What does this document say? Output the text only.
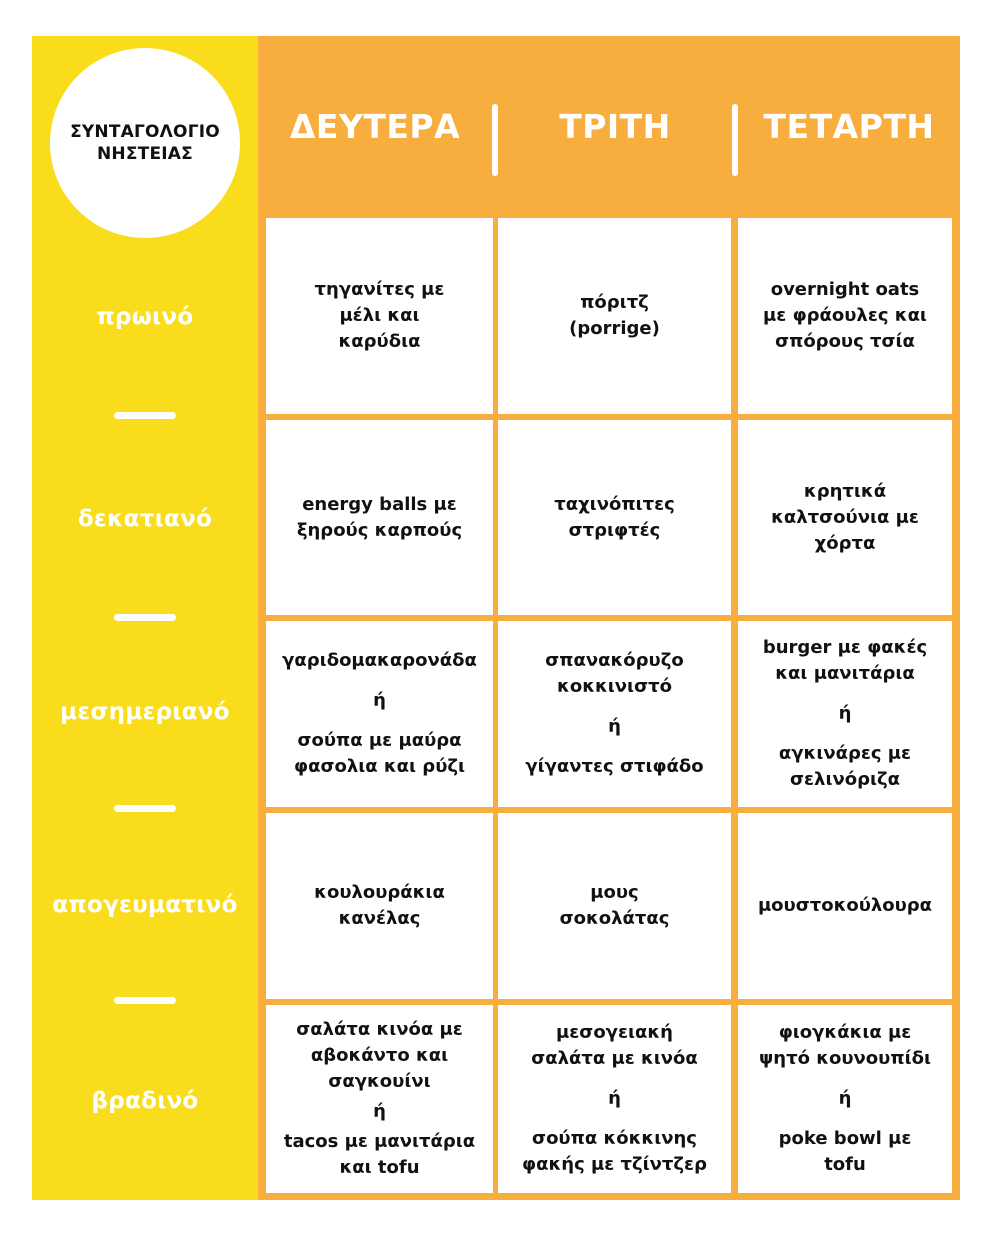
ΣΥΝΤΑΓΟΛΟΓΙΟ
ΝΗΣΤΕΙΑΣ
πρωινό
δεκατιανό
μεσημεριανό
απογευματινό
βραδινό
ΔΕΥΤΕΡΑ	ΤΡΙΤΗ	ΤΕΤΑΡΤΗ
τηγανίτες με
μέλι και
καρύδια
πόριτζ
(porrige)
overnight oats
με φράουλες και
σπόρους τσία
energy balls με
ξηρούς καρπούς
ταχινόπιτες
στριφτές
κρητικά
καλτσούνια με
χόρτα
γαριδομακαρονάδα
ή
σούπα με μαύρα
φασολια και ρύζι
σπανακόρυζο
κοκκινιστό
ή
γίγαντες στιφάδο
burger με φακές
και μανιτάρια
ή
αγκινάρες με
σελινόριζα
κουλουράκια
κανέλας
μους
σοκολάτας
μουστοκούλουρα
σαλάτα κινόα με
αβοκάντο και
σαγκουίνι
ή
tacos με μανιτάρια
και tofu
μεσογειακή
σαλάτα με κινόα
ή
σούπα κόκκινης
φακής με τζίντζερ
φιογκάκια με
ψητό κουνουπίδι
ή
poke bowl με
tofu
